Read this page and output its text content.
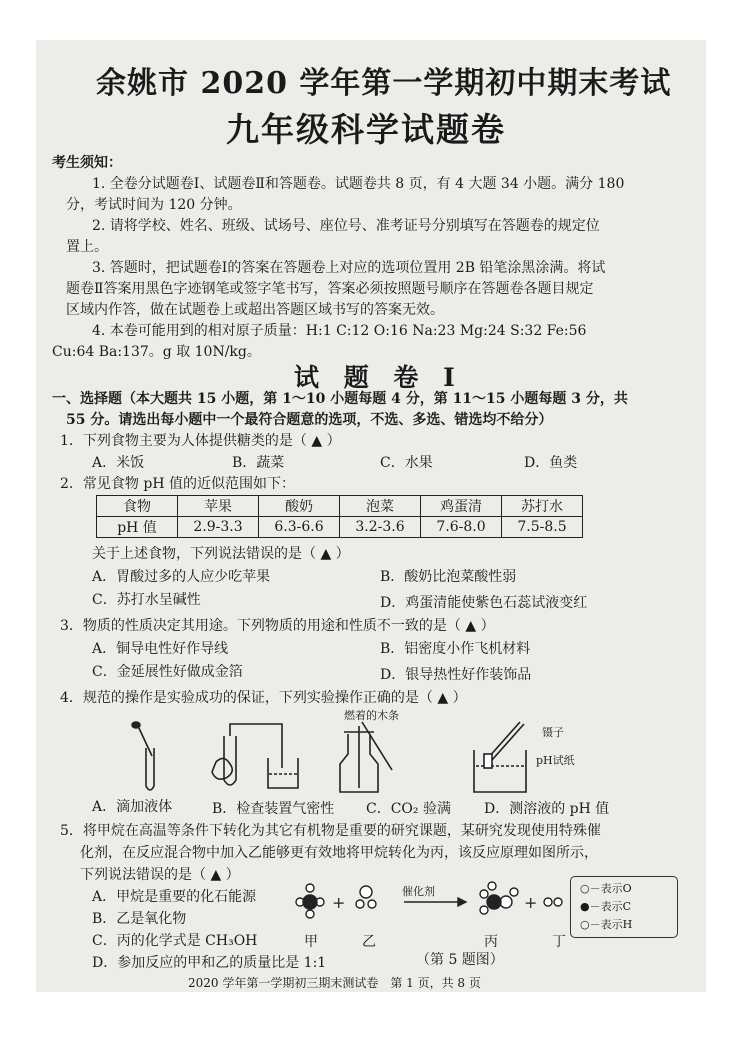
余姚市 2020 学年第一学期初中期末考试
九年级科学试题卷
考生须知：
1. 全卷分试题卷Ⅰ、试题卷Ⅱ和答题卷。试题卷共 8 页，有 4 大题 34 小题。满分 180
分，考试时间为 120 分钟。
2. 请将学校、姓名、班级、试场号、座位号、准考证号分别填写在答题卷的规定位
置上。
3. 答题时，把试题卷Ⅰ的答案在答题卷上对应的选项位置用 2B 铅笔涂黑涂满。将试
题卷Ⅱ答案用黑色字迹钢笔或签字笔书写，答案必须按照题号顺序在答题卷各题目规定
区域内作答，做在试题卷上或超出答题区域书写的答案无效。
4. 本卷可能用到的相对原子质量：H:1 C:12 O:16 Na:23 Mg:24 S:32 Fe:56
Cu:64 Ba:137。g 取 10N/kg。
试 题 卷 Ⅰ
一、选择题（本大题共 15 小题，第 1～10 小题每题 4 分，第 11～15 小题每题 3 分，共
55 分。请选出每小题中一个最符合题意的选项，不选、多选、错选均不给分）
1．下列食物主要为人体提供糖类的是（ ▲ ）
A．米饭	B．蔬菜	C．水果	D．鱼类
2．常见食物 pH 值的近似范围如下：
食物	苹果	酸奶	泡菜	鸡蛋清	苏打水
pH 值	2.9-3.3	6.3-6.6	3.2-3.6	7.6-8.0	7.5-8.5
关于上述食物，下列说法错误的是（ ▲ ）
A．胃酸过多的人应少吃苹果	B．酸奶比泡菜酸性弱
C．苏打水呈碱性	D．鸡蛋清能使紫色石蕊试液变红
3．物质的性质决定其用途。下列物质的用途和性质不一致的是（ ▲ ）
A．铜导电性好作导线	B．铝密度小作飞机材料
C．金延展性好做成金箔	D．银导热性好作装饰品
4．规范的操作是实验成功的保证，下列实验操作正确的是（ ▲ ）
燃着的木条
镊子
pH试纸
A．滴加液体	B．检查装置气密性 C．CO₂ 验满 D．测溶液的 pH 值
5．将甲烷在高温等条件下转化为其它有机物是重要的研究课题，某研究发现使用特殊催
化剂，在反应混合物中加入乙能够更有效地将甲烷转化为丙，该反应原理如图所示，
下列说法错误的是（ ▲ ）
A．甲烷是重要的化石能源
B．乙是氧化物
C．丙的化学式是 CH₃OH
D．参加反应的甲和乙的质量比是 1:1
+	+
催化剂
甲	乙	丙	丁
○－表示O
●－表示C
○－表示H
（第 5 题图）
2020 学年第一学期初三期末测试卷　第 1 页，共 8 页
